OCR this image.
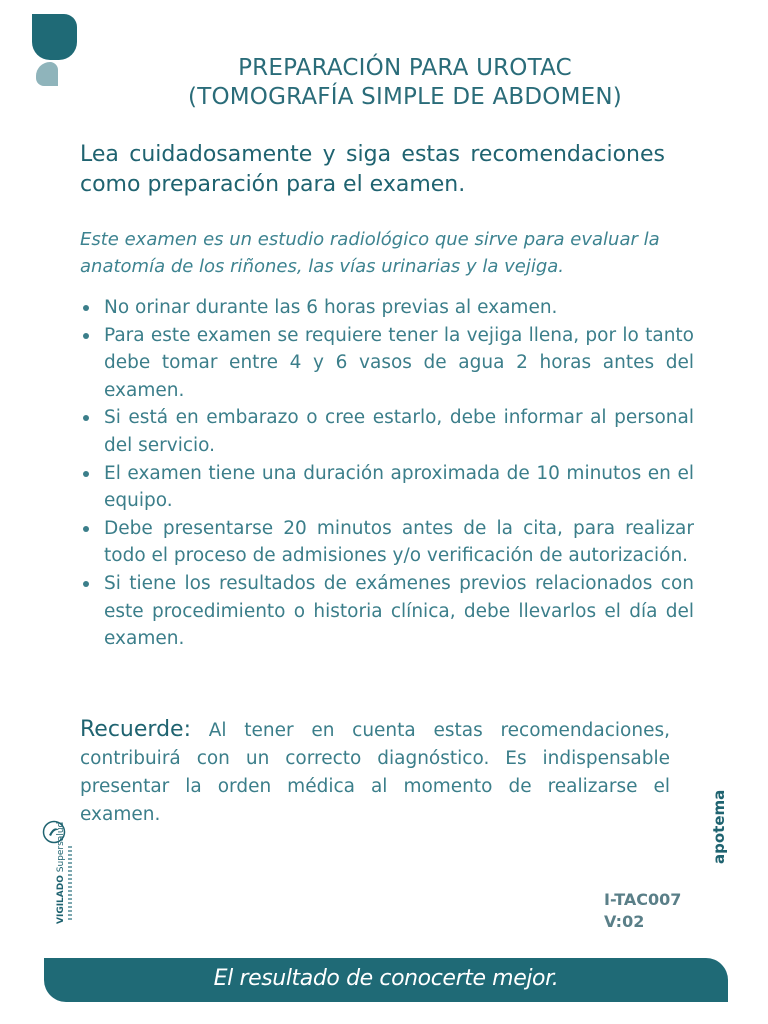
PREPARACIÓN PARA UROTAC
(TOMOGRAFÍA SIMPLE DE ABDOMEN)
Lea cuidadosamente y siga estas recomendaciones como preparación para el examen.
Este examen es un estudio radiológico que sirve para evaluar la anatomía de los riñones, las vías urinarias y la vejiga.
No orinar durante las 6 horas previas al examen.
Para este examen se requiere tener la vejiga llena, por lo tanto debe tomar entre 4 y 6 vasos de agua 2 horas antes del examen.
Si está en embarazo o cree estarlo, debe informar al personal del servicio.
El examen tiene una duración aproximada de 10 minutos en el equipo.
Debe presentarse 20 minutos antes de la cita, para realizar todo el proceso de admisiones y/o verificación de autorización.
Si tiene los resultados de exámenes previos relacionados con este procedimiento o historia clínica, debe llevarlos el día del examen.
Recuerde: Al tener en cuenta estas recomendaciones, contribuirá con un correcto diagnóstico. Es indispensable presentar la orden médica al momento de realizarse el examen.	apotema
VIGILADO Supersalud
I-TAC007
V:02
El resultado de conocerte mejor.
